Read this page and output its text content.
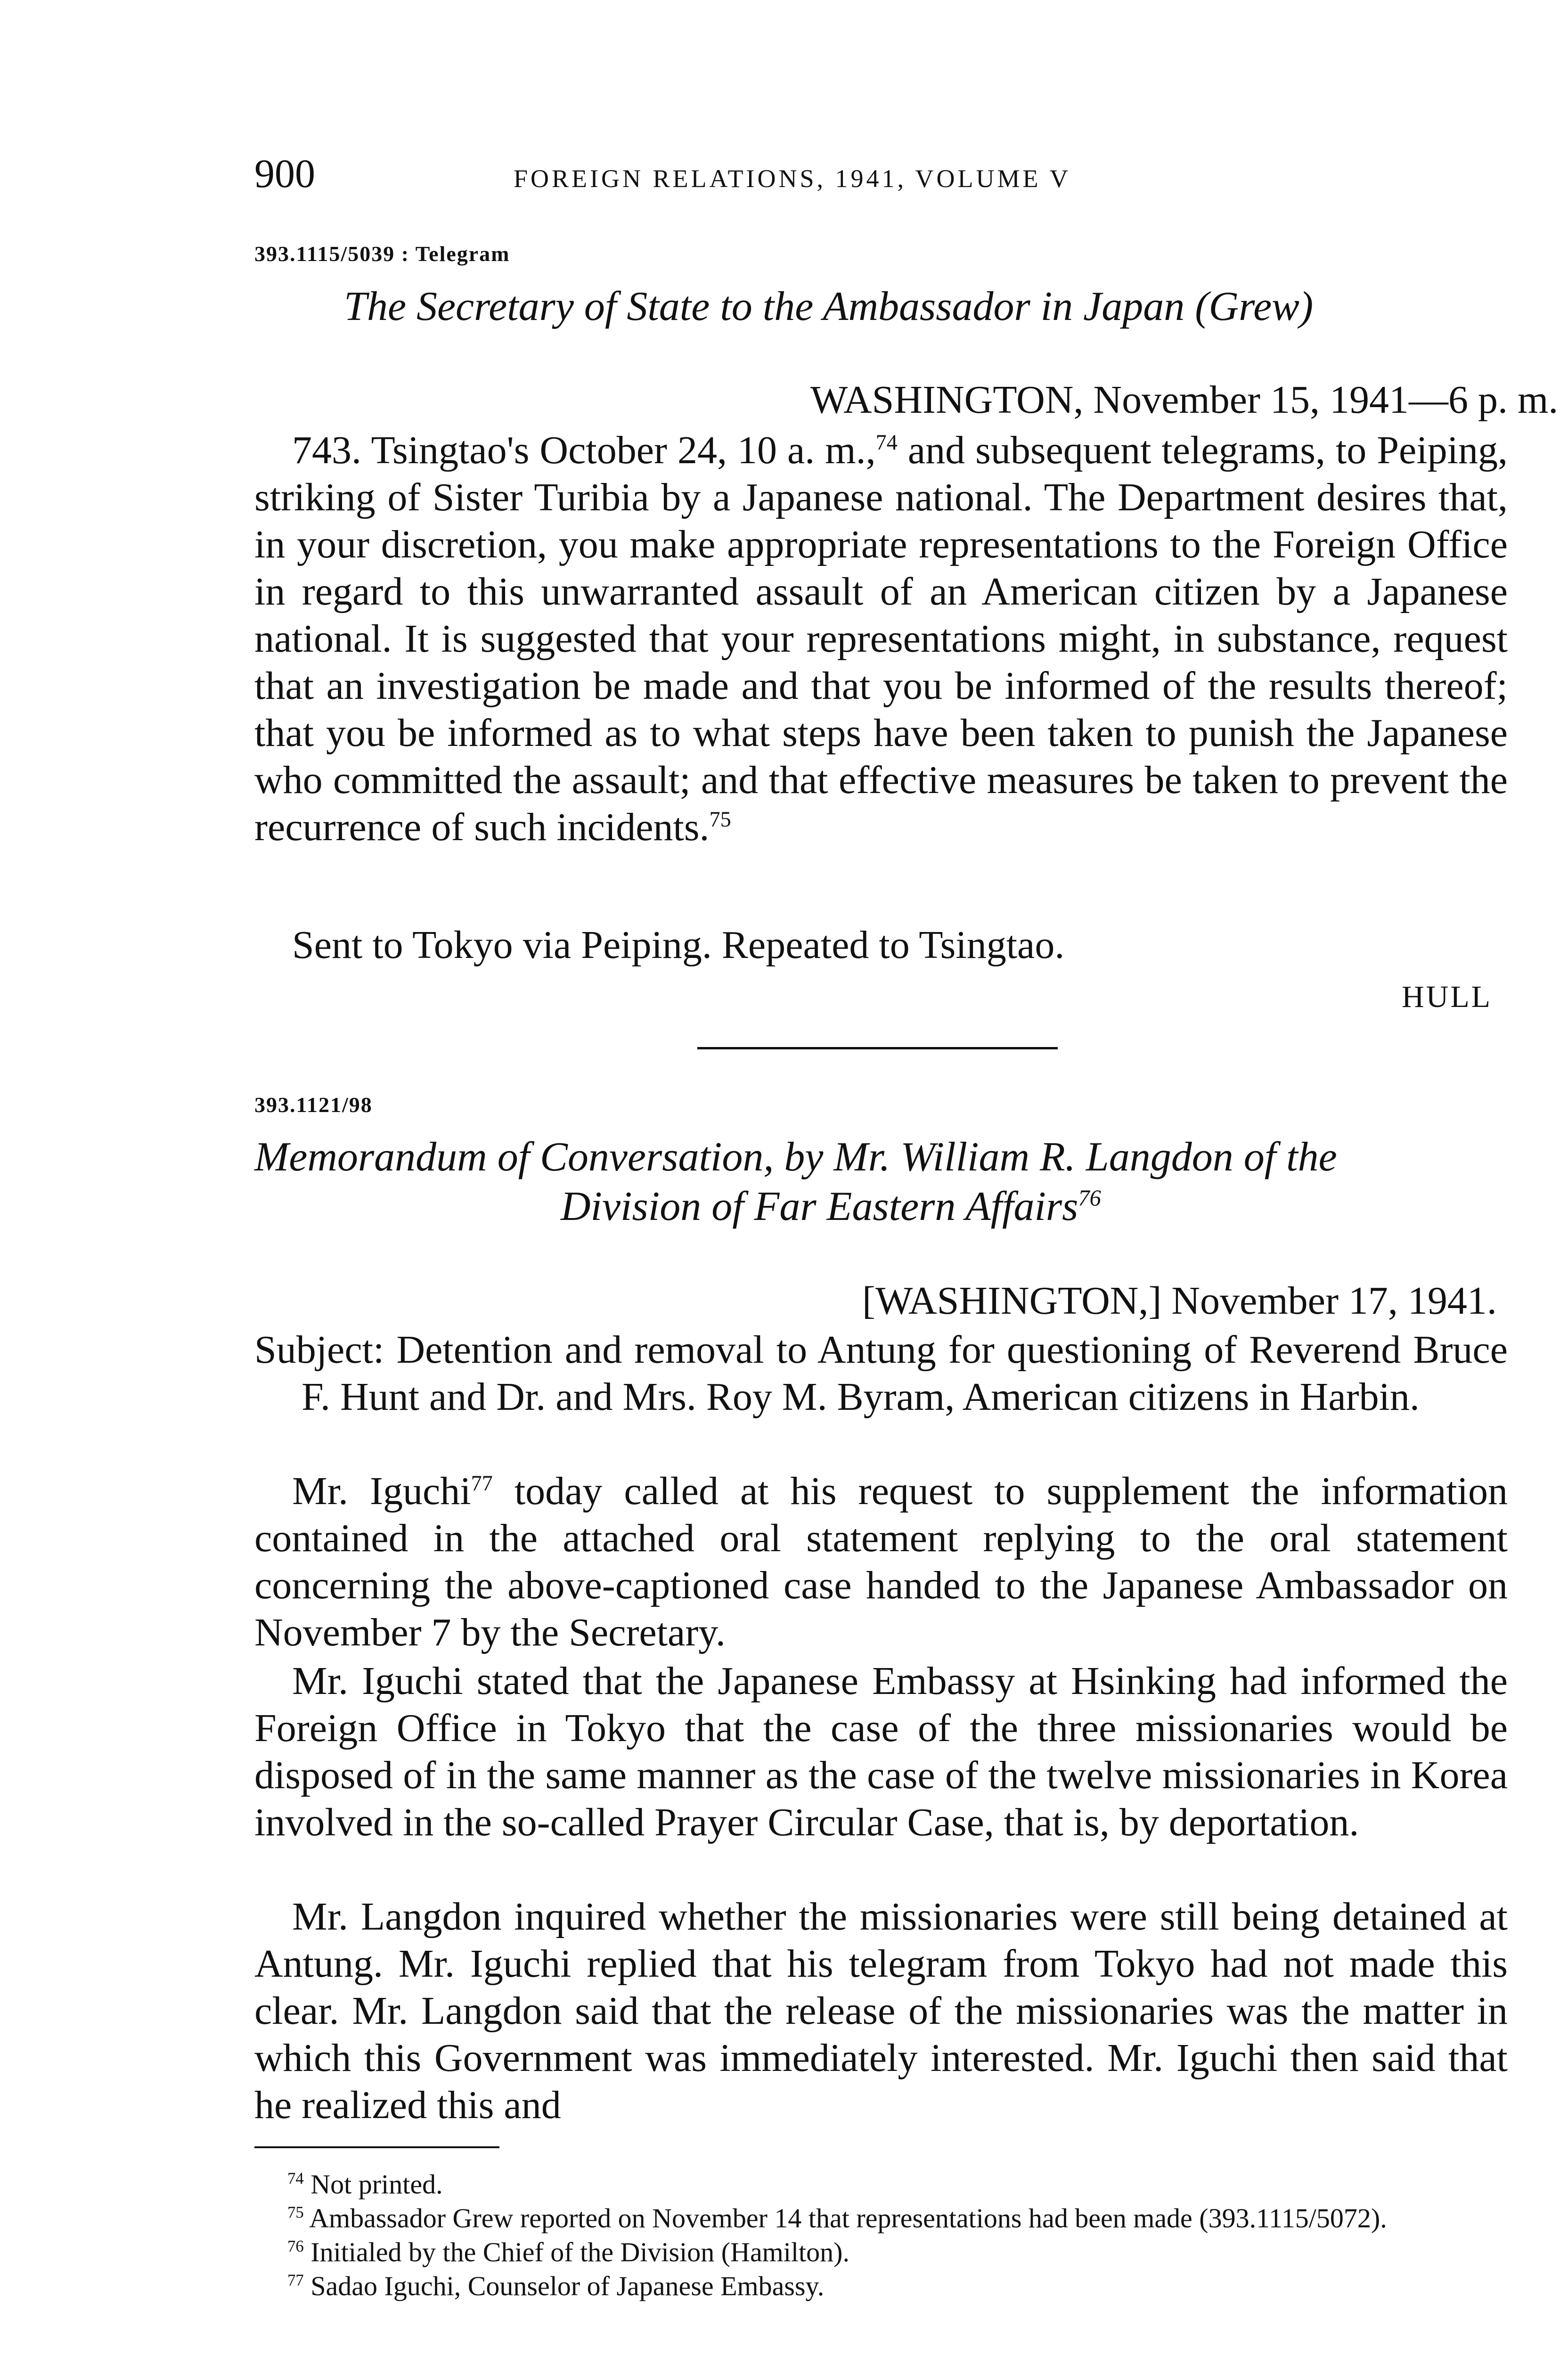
900	FOREIGN RELATIONS, 1941, VOLUME V
393.1115/5039 : Telegram
The Secretary of State to the Ambassador in Japan (Grew)
WASHINGTON, November 15, 1941—6 p. m.
743. Tsingtao's October 24, 10 a. m.,$^{74}$ and subsequent telegrams, to Peiping, striking of Sister Turibia by a Japanese national. The Department desires that, in your discretion, you make appropriate representations to the Foreign Office in regard to this unwarranted assault of an American citizen by a Japanese national. It is suggested that your representations might, in substance, request that an investigation be made and that you be informed of the results thereof; that you be informed as to what steps have been taken to punish the Japanese who committed the assault; and that effective measures be taken to prevent the recurrence of such incidents.$^{75}$
Sent to Tokyo via Peiping. Repeated to Tsingtao.
HULL
393.1121/98
Memorandum of Conversation, by Mr. William R. Langdon of the
Division of Far Eastern Affairs$^{76}$
[WASHINGTON,] November 17, 1941.
Subject: Detention and removal to Antung for questioning of Reverend Bruce F. Hunt and Dr. and Mrs. Roy M. Byram, American citizens in Harbin.
Mr. Iguchi$^{77}$ today called at his request to supplement the information contained in the attached oral statement replying to the oral statement concerning the above-captioned case handed to the Japanese Ambassador on November 7 by the Secretary.
Mr. Iguchi stated that the Japanese Embassy at Hsinking had informed the Foreign Office in Tokyo that the case of the three missionaries would be disposed of in the same manner as the case of the twelve missionaries in Korea involved in the so-called Prayer Circular Case, that is, by deportation.
Mr. Langdon inquired whether the missionaries were still being detained at Antung. Mr. Iguchi replied that his telegram from Tokyo had not made this clear. Mr. Langdon said that the release of the missionaries was the matter in which this Government was immediately interested. Mr. Iguchi then said that he realized this and
$^{74}$ Not printed.
$^{75}$ Ambassador Grew reported on November 14 that representations had been made (393.1115/5072).
$^{76}$ Initialed by the Chief of the Division (Hamilton).
$^{77}$ Sadao Iguchi, Counselor of Japanese Embassy.
